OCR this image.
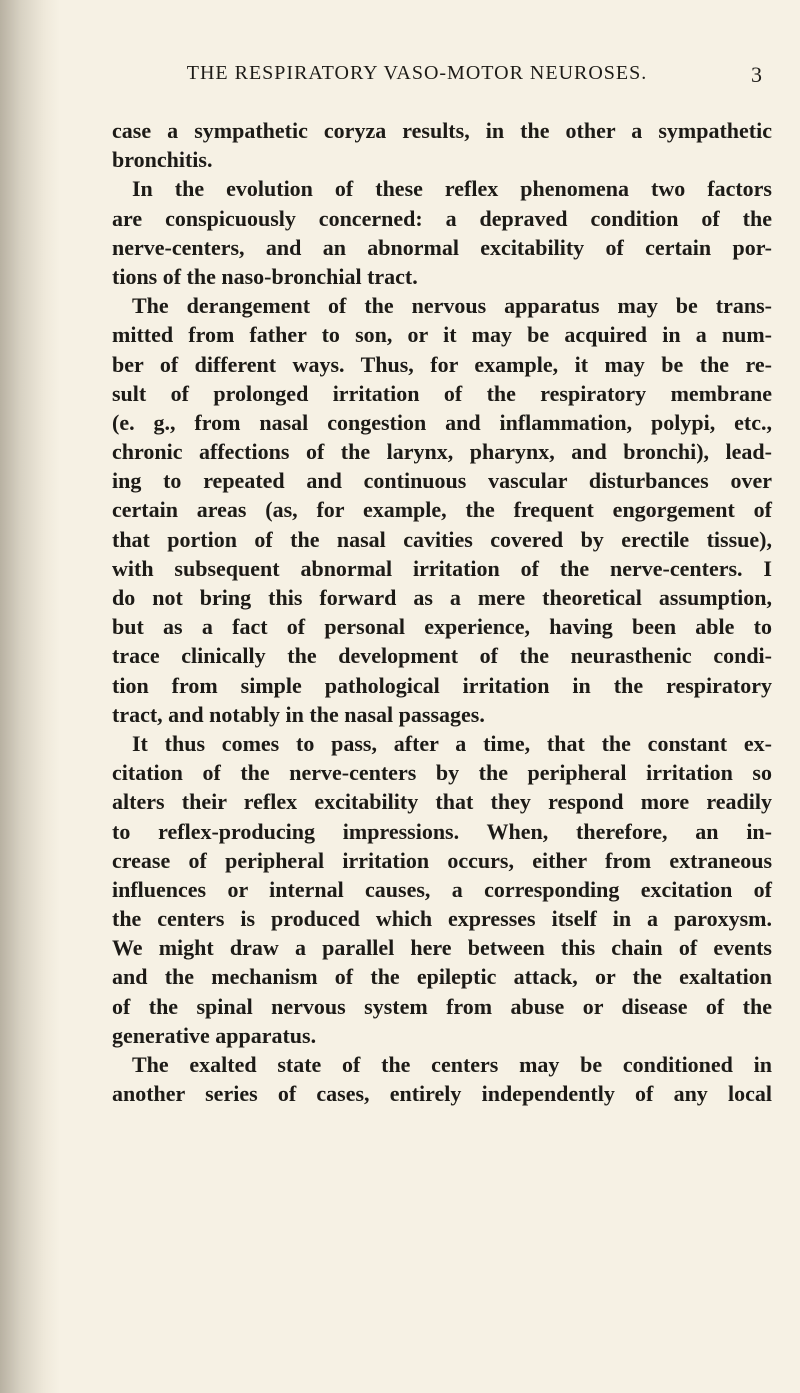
THE RESPIRATORY VASO-MOTOR NEUROSES.	3
case a sympathetic coryza results, in the other a sympathetic
bronchitis.
In the evolution of these reflex phenomena two factors
are conspicuously concerned: a depraved condition of the
nerve-centers, and an abnormal excitability of certain por-
tions of the naso-bronchial tract.
The derangement of the nervous apparatus may be trans-
mitted from father to son, or it may be acquired in a num-
ber of different ways. Thus, for example, it may be the re-
sult of prolonged irritation of the respiratory membrane
(e. g., from nasal congestion and inflammation, polypi, etc.,
chronic affections of the larynx, pharynx, and bronchi), lead-
ing to repeated and continuous vascular disturbances over
certain areas (as, for example, the frequent engorgement of
that portion of the nasal cavities covered by erectile tissue),
with subsequent abnormal irritation of the nerve-centers. I
do not bring this forward as a mere theoretical assumption,
but as a fact of personal experience, having been able to
trace clinically the development of the neurasthenic condi-
tion from simple pathological irritation in the respiratory
tract, and notably in the nasal passages.
It thus comes to pass, after a time, that the constant ex-
citation of the nerve-centers by the peripheral irritation so
alters their reflex excitability that they respond more readily
to reflex-producing impressions. When, therefore, an in-
crease of peripheral irritation occurs, either from extraneous
influences or internal causes, a corresponding excitation of
the centers is produced which expresses itself in a paroxysm.
We might draw a parallel here between this chain of events
and the mechanism of the epileptic attack, or the exaltation
of the spinal nervous system from abuse or disease of the
generative apparatus.
The exalted state of the centers may be conditioned in
another series of cases, entirely independently of any local
